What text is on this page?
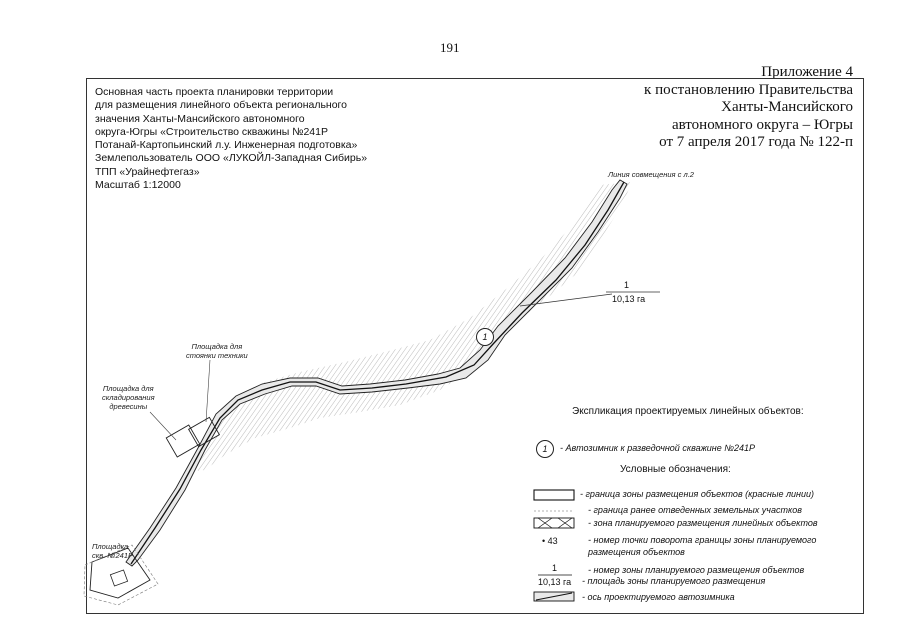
191
Приложение 4
к постановлению Правительства
Ханты-Мансийского
автономного округа – Югры
от 7 апреля 2017 года № 122-п
Основная часть проекта планировки территории
для размещения линейного объекта регионального
значения Ханты-Мансийского автономного
округа-Югры «Строительство скважины №241Р
Потанай-Картопьинский л.у. Инженерная подготовка»
Землепользователь ООО «ЛУКОЙЛ-Западная Сибирь»
ТПП «Урайнефтегаз»
Масштаб 1:12000
Линия совмещения с л.2
Площадка для
стоянки техники
Площадка для
складирования
древесины
Площадка
скв. №241Р
1
10,13 га
1
Экспликация проектируемых линейных объектов:
1	- Автозимник к разведочной скважине №241Р
Условные обозначения:
- граница зоны размещения объектов (красные линии)
- граница ранее отведенных земельных участков
- зона планируемого размещения линейных объектов
• 43	- номер точки поворота границы зоны планируемого
размещения объектов
1	- номер зоны планируемого размещения объектов
10,13 га - площадь зоны планируемого размещения
- ось проектируемого автозимника
